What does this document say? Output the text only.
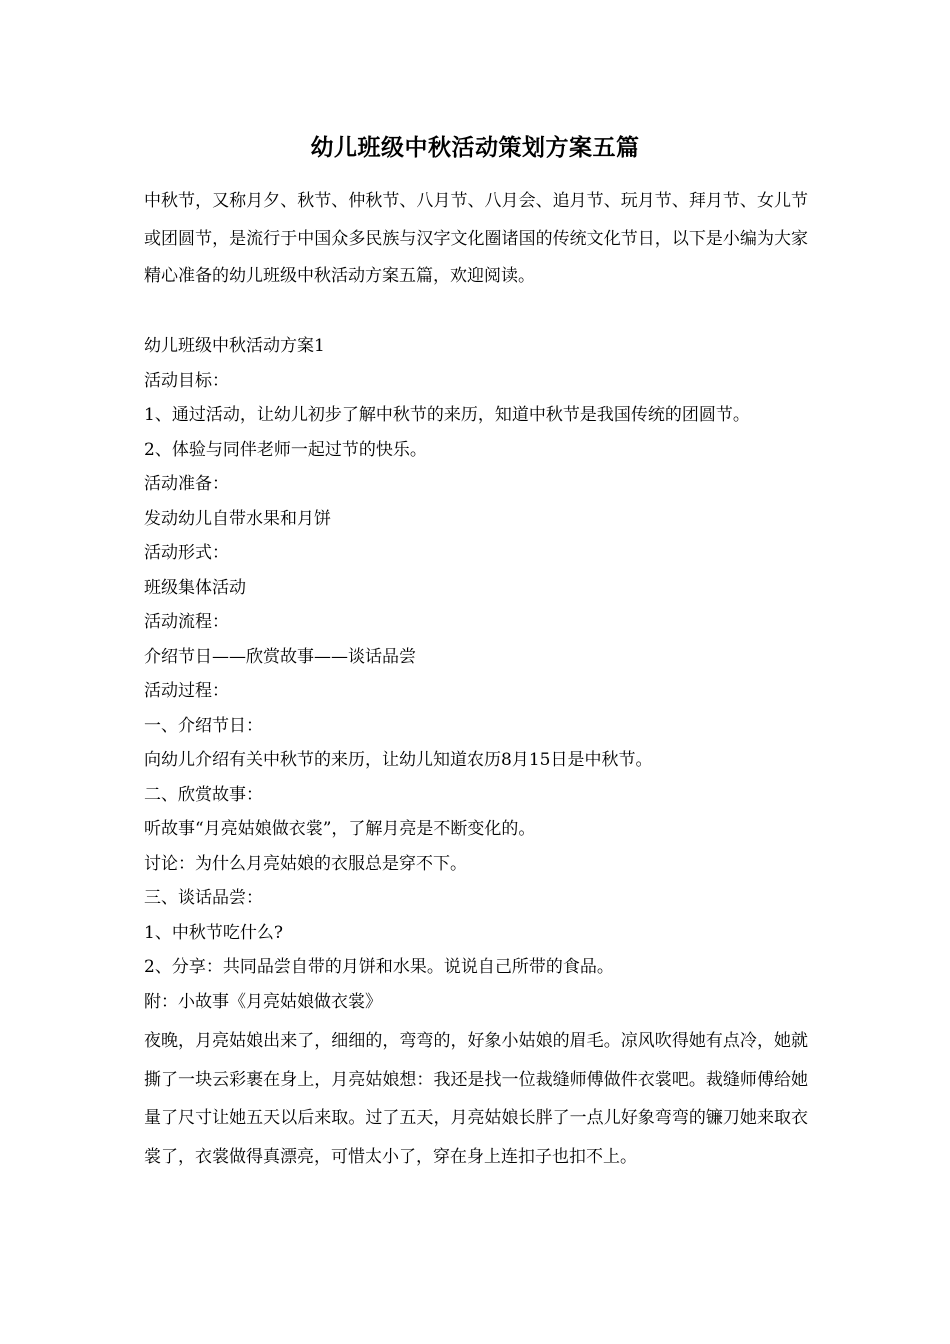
幼儿班级中秋活动策划方案五篇
中秋节，又称月夕、秋节、仲秋节、八月节、八月会、追月节、玩月节、拜月节、女儿节或团圆节，是流行于中国众多民族与汉字文化圈诸国的传统文化节日，以下是小编为大家精心准备的幼儿班级中秋活动方案五篇，欢迎阅读。
幼儿班级中秋活动方案1
活动目标：
1、通过活动，让幼儿初步了解中秋节的来历，知道中秋节是我国传统的团圆节。
2、体验与同伴老师一起过节的快乐。
活动准备：
发动幼儿自带水果和月饼
活动形式：
班级集体活动
活动流程：
介绍节日——欣赏故事——谈话品尝
活动过程：
一、介绍节日：
向幼儿介绍有关中秋节的来历，让幼儿知道农历8月15日是中秋节。
二、欣赏故事：
听故事“月亮姑娘做衣裳”，了解月亮是不断变化的。
讨论：为什么月亮姑娘的衣服总是穿不下。
三、谈话品尝：
1、中秋节吃什么?
2、分享：共同品尝自带的月饼和水果。说说自己所带的食品。
附：小故事《月亮姑娘做衣裳》
夜晚，月亮姑娘出来了，细细的，弯弯的，好象小姑娘的眉毛。凉风吹得她有点冷，她就撕了一块云彩裹在身上，月亮姑娘想：我还是找一位裁缝师傅做件衣裳吧。裁缝师傅给她量了尺寸让她五天以后来取。过了五天，月亮姑娘长胖了一点儿好象弯弯的镰刀她来取衣裳了，衣裳做得真漂亮，可惜太小了，穿在身上连扣子也扣不上。
